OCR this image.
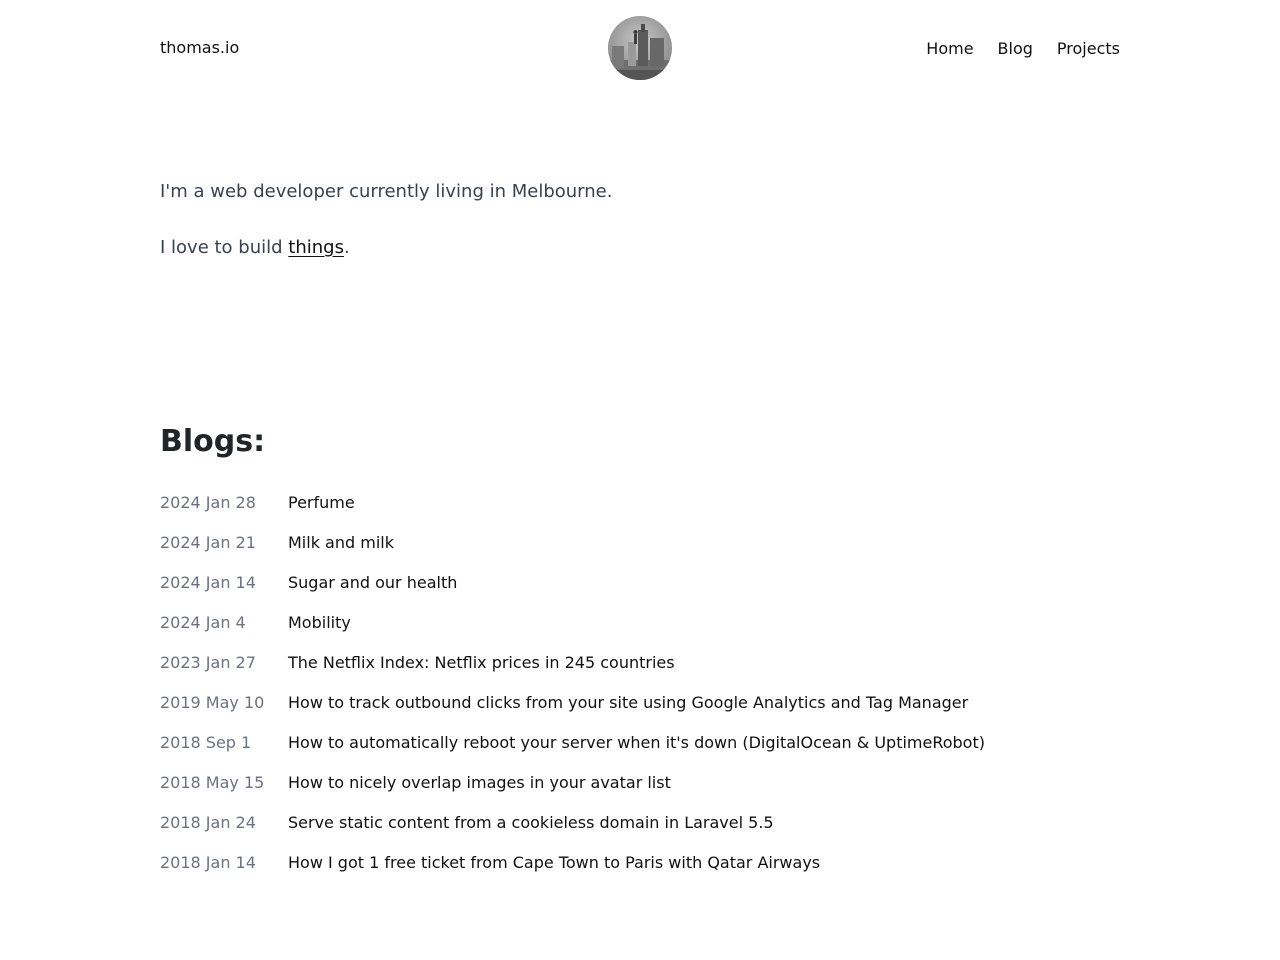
thomas.io	Home Blog Projects

I'm a web developer currently living in Melbourne.

I love to build things.

Blogs:
2024 Jan 28	Perfume
2024 Jan 21	Milk and milk
2024 Jan 14	Sugar and our health
2024 Jan 4	Mobility
2023 Jan 27	The Netflix Index: Netflix prices in 245 countries
2019 May 10	How to track outbound clicks from your site using Google Analytics and Tag Manager
2018 Sep 1	How to automatically reboot your server when it's down (DigitalOcean & UptimeRobot)
2018 May 15	How to nicely overlap images in your avatar list
2018 Jan 24	Serve static content from a cookieless domain in Laravel 5.5
2018 Jan 14	How I got 1 free ticket from Cape Town to Paris with Qatar Airways
